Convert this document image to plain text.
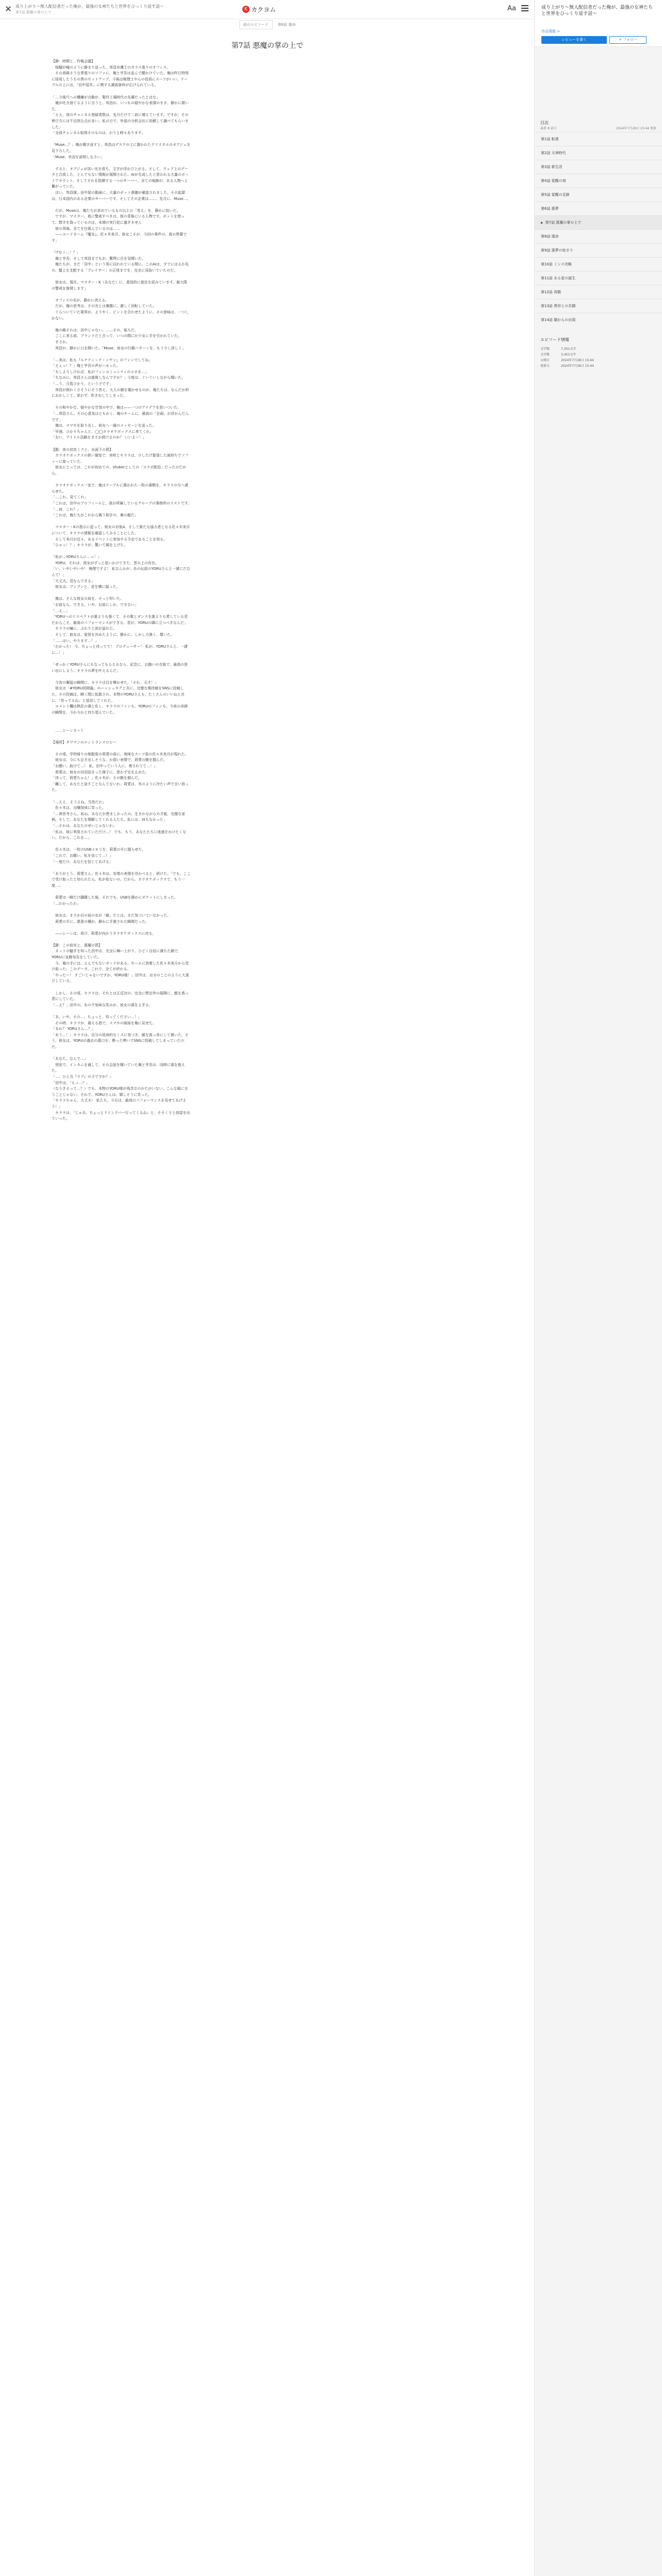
成り上がり〜無人配信者だった俺が、最強の女神たちと世界をひっくり返す話〜
第7話 悪魔の掌の上で
K カクヨム	Aa
前のエピソード	第8話 運命
第7話 悪魔の掌の上で

【静：時間と、作戦会議】

　喧騒が嘘のように静まり返った、邦昌弁護士のガラス張りのオフィス。

　その高級そうな革張りのソファに、俺と亨吾は並んで腰かけていた。俺は昨日特別に採用したうちの黒のセットアップ。今後は税理士やらの役員にスーツがいい。テーブルの上には、「田中屋木」に関する調査資料が広げられている。

「…今後尺への機嫌が言動が、製作工場時代の先輩だったとはな」

　俺が吐き捨てるように言うと、邦昌が、いつもの穏やかな表情のまま、静かに頷いた。

「ええ。彼のチャンネル登録者数は、先月だけで二倍に増えています。ですが、その伸び方には不自然な点が多い。私の方で、外部の分析会社に依頼して調べてもらいました」

「全員チャンネル取得そのものは、わりと時々あります」

「Muse…？」俺が聞き返すと、邦昌はデスクの上に置かれたクリスタルのオブジェを見下ろした。

「Muse、状況を説明しなさい」

　すると、オブジェが淡い光を放ち、文字が浮かび上がる。そして、ウェブ上のデータと合成した、とんでもない情報が展開された。AIが生成したと思われる大量のボットアカウント、そしてそれを指揮する一つのサーバー。全ての痕跡が、ある人物へと繋がっていた。

　はい、邦昌様。田中屋の動画に、大量のボット視聴が確認されました。その起源は、日本国内のある企業のサーバーです。そしてその企業は……、先月に、Muse…。

　だが、Museは、俺たちが求めているもの以上の「答え」を、静かに紡いだ。

　ですが、マスター。真に警戒すべきは、彼の背後にいる人物です。ボットを使って、数字を偽っているのは、末端の実行犯に過ぎません

　彼の背後。全てを仕組んでいるのは……

　——コードネーム『魔女』。佐々木美月。彼女こそが、今回の事件の、真の黒幕です」

「!?なッ…！？」

　俺と亨吾、そして邦昌までもが、驚愕に目を見開いた。

　俺たちが、まだ「田中」という男に囚われている間に。このAIは、すでにはるか先の、盤上を支配する「プレイヤー」の正体までを、完全に見抜いていたのだ。

　彼女は、現在、マスター・K（あなた）に、意図的に接近を試みています。最大限の警戒を推奨します」

　オフィスの光が、静かに消える。

　だが、俺の思考は、その光とは裏腹に、激しく回転していた。

　ぐらついていた視界が、ようやく、ピントを合わせたように。その意味は、一つしかない。

　俺の敵それは、田中じゃない。……その、後ろだ。

　ここに来る前、ブランドだと言って、いつの間にか少女に手を引かれていた。

　まさか。

　邦昌が、静かに口を開いた。「Muse、彼女の行動パターンを、もう少し詳しく」

「…実は、私も『ルナティック・ノヴァ』のファンでしてね」

「えぇっ！？」俺と亨吾の声がハモった。

「もしよろしければ、私がファンコミュニティのコネを…」

「ちなみに、邦昌さんは誰推しなんですか？」今度は、ぐいぐいしながら聞いた。

「…う、月島ひかり、という子です」

　邦昌が照れくさそうにそう答え、大人の顔を覗かせるのが、俺たちは、なんだか妙におかしくて、思わず、吹き出してしまった。

　その和やかな、穏やかな空気の中で、俺は——一つのアイデアを思いついた。

「…邦昌さん。その心意気はともかく、俺のチームに、最高の「企画」が浮かんだんです」

　俺は、スマホを取り出し、彼女へ一通のメッセージを送った。

「早速、ひかりちゃんと、◯◯カラオケボックスに来てくれ」

「おい、アイドル活動をまさか続けるのか？ いいよー！」

【動：夜の初音ミクと、水面下の罠】

　カラオケボックスの狭い個室で、美咲とキララは、少しだけ緊張した面持ちでソファーに座っていた。

　彼女にとっては、これが初めての、Vtuberとしての「コラボ配信」だったのだから。

　カラオケボックス一室で、俺はテーブルに置かれた一枚の書類を、キララの方へ滑らせた。

「…これ、見てくれ」

「これは、田中のプロフィールと、彼が所属しているグループの事務所のリストです」

「…何、これ？」

「これは、俺たちがこれから戦う相手の、裏の顔だ」

　マスター・Kの指示に従って、彼女の対象A、そして新たな協力者となる佐々木美月について、キララの情報を確認してみることにした。

　そして美月が近々、あるイベントに参加する予定であることを知る。

「ひゃっ！？」キララが、驚いて顔を上げた。

「私が…YORUさんに…っ！」

　YORU。それは、彼女がずっと追いかけてきた、雲の上の存在。

「い、いやいやいや！ 無理ですよ！ 私なんかが、あの伝説のYORUさんと一緒にだなんて！」

「大丈夫。君ならできる」

　彼女は、ブンブンと、首を横に振った。

　俺は、そんな彼女の肩を、そっと叩いた。

「お前なら、できる。いや、お前にしか、できない」

「…え…」

「YORUへのリスペクトが誰よりも強くて、その歌とダンスを誰よりも愛している君だからこそ、最高のパフォーマンスができる。君が、YORUの隣に立つべきなんだ」

　キララの瞳に、ぶわりと涙が溢れた。

　そして、彼女は、覚悟を決めたように、静かに、しかし力強く、頷いた。

「……はい。やります…！」

「わかった！ 今、ちょっと待ってて！ プロデューサー！ 私が、YORUさんと、一緒に…！」

「せっかくYORUさんにもなってもらえるなら、記念に、お揃いの衣装で、最高の思い出にしよう。キララの夢を叶えるんだ」

　今宵の邂逅の瞬間に、キララは目を輝かせた。「それ、天才！」

　彼女は「#YORU初降臨」のハッシュタグと共に、完璧な期待値をSNSに投稿した。その投稿は、瞬く間に拡散され、本物のYORUさんも、たくさんのいいねと共に、「待ってるね」と返信してくれた。

　コメント欄は熱狂の渦と化し、キララのファンも、YORUのファンも、今夜の奇跡の瞬間を、今か今かと待ち望んでいた。

　……シーンカット

【場所】タワマンのエントランスロビー

　その頃、学校帰りの制服姿の莉愛の前に、地味なスーツ姿の佐々木美月が現れた。

　彼女は、今にも泣き出しそうな、か弱い表情で、莉愛の腕を掴んだ。

「お願い、助けて…！ 私、田中っていう人に、脅されてて…！」

　莉愛は、彼女の切羽詰まった様子に、思わず足を止めた。

「待って、莉愛ちゃん！」佐々木が、その腕を掴んだ。

「離して。あなたと話すことなんてないわ」莉愛は、氷のように冷たい声で言い放った。

「…ええ、そうよね。当然だわ」

　佐々木は、自嘲気味に笑った。

「…神宮寺さん。私ね、あなたが羨ましかったの。生まれながらの才能、完璧な家柄、そして、あなたを理解してくれる人たち。私には、何もなかった」

「…それは、あなたのせいじゃないわ」

「私は、彼に利用されていただけ…！ でも、もう、あなたたちに迷惑をかけたくない。だから、これを…」

　佐々木は、一枚のUSBメモリを、莉愛の手に握らせた。

「これで、お願い、私を信じて…！」

「一度だけ、あなたを信じてあげる」

「ありがとう、莉愛さん」佐々木は、安堵の表情を浮かべると、続けた。「でも、ここで受け取ったと知られたら、私が危ないの。だから、カラオケボックスで、もう一度…」

　莉愛は一瞬だけ躊躇した後、それでも、USBを静かにポケットにしまった。

「…わかったわ」

　彼女は、まさか目の前の女が「敵」だとは、まだ気づいていなかった。

　莉愛の手に、悪意の種が、静かに手渡された瞬間だった。

　——シーンは、再び、莉愛が向かうカラオケボックスに戻る。

【静：この前兆と、悪魔の罠】

　ネットの騒ぎを知った田中は、完全に舞い上がり、ひどく自信に満ちた顔で、YORUに宣戦布告をしていた。

　今、俺の手には、とんでもないカードがある。ホールに到着した佐々木美月から受け取った、このデータ。これで、全てが終わる。

「やったー！ すごいじゃないですか、YORU様！」田中は、自分のことのように大喜びしている。

　しかし、その頃、キララは、それとは正反対の、完全に想定外の展開に、顔を真っ青にしていた。

「…え？」田中の、あの不気味な笑みが、彼女の頭をよぎる。

「あ、いや、その…、ちょっと、待ってください…！」

　その時、キララが、震える指で、スマホの画面を俺に見せた。

「あれ？ YORUさん…？」

「あう…！」キララは、自分の致命的なミスに気づき、顔を真っ赤にして俯いた。そう、彼女は、YORUの過去の悪口を、酔った勢いでSNSに投稿してしまっていたのだ。

「あなた、なんで…」

　別室で、インカムを通して、その会話を聞いていた俺と亨吾は、同時に頭を抱えた。

「…、ひと言『ラブ』の子ですか？」

「田中は、「えっ…？」

（なりきるって…？）でも、本物のYORU様が残念なのかたがいない、こんな風に言うことじゃない。それで、YORUさんは、嬉しそうに笑った。

「キララちゃん、大丈夫！ 私たち、今日は、最高のパフォーマンスを見せてあげよう！」

　キララは、「じゃあ、ちょっとドリンクバー行ってくるね」と、そそくさと部屋を出ていった。

成り上がり〜無人配信者だった俺が、最強の女神たちと世界をひっくり返す話〜
作品情報 >
レビューを書く	+ フォロー
目次
最新 8 話目	2024年7月28日 15:44 更新
第1話 転落
第2話 天神時代
第3話 新生活
第4話 覚醒の刻
第5話 覚醒の足跡
第6話 悪夢
▶ 第7話 悪魔の掌の上で
第8話 運命
第9話 悪夢の始まり
第10話 ミンス攻略
第11話 ある星の誕生
第12話 再動
第13話 異形との共闘
第14話 闇からの出現
エピソード情報
文字数	7,301文字
文字数	3,451文字
公開日	2024年7月28日 15:44
更新日	2024年7月28日 15:44
